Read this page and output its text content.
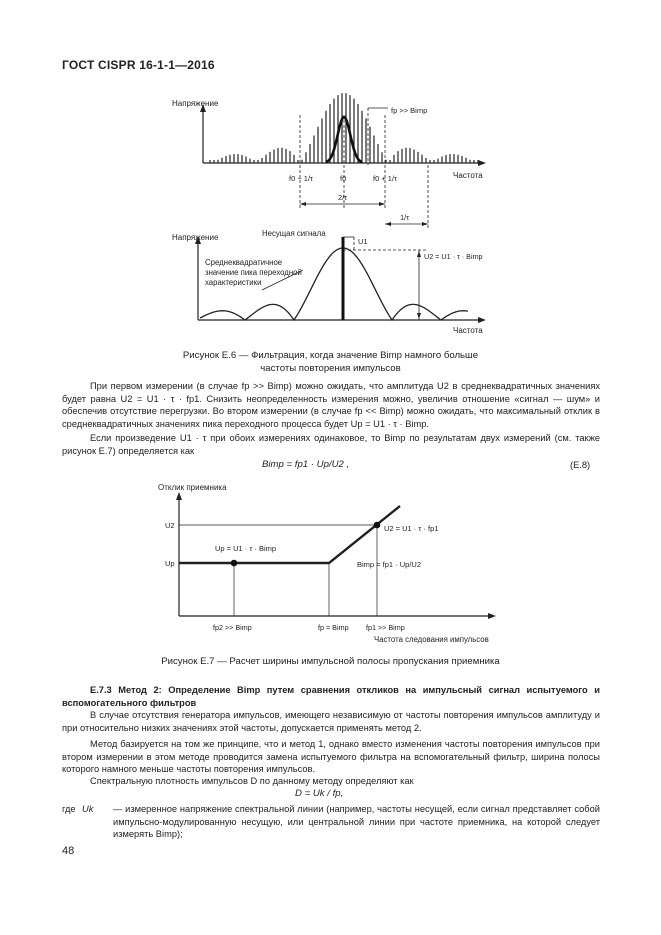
ГОСТ CISPR 16-1-1—2016
Напряжение
Частота
fp >> Bimp
f0 − 1/τ	f0	f0 + 1/τ
2/τ
1/τ
Несущая сигнала
U1
U2 = U1 · τ · Bimp
Напряжение
Частота
Среднеквадратичное
значение пика переходной
характеристики
Отклик приемника
U2
Up
Up = U1 · τ · Bimp
U2 = U1 · τ · fp1
Bimp = fp1 · Up/U2
fp2 >> Bimp	fp = Bimp fp1 >> Bimp
Частота следования импульсов
Рисунок Е.6 — Фильтрация, когда значение Bimp намного больше
частоты повторения импульсов
При первом измерении (в случае fp >> Bimp) можно ожидать, что амплитуда U2 в среднеквадратичных значениях будет равна U2 = U1 · τ · fp1. Снизить неопределенность измерения можно, увеличив отношение «сигнал — шум» и обеспечив отсутствие перегрузки. Во втором измерении (в случае fp << Bimp) можно ожидать, что максимальный отклик в среднеквадратичных значениях пика переходного процесса будет Up = U1 · τ · Bimp.
Если произведение U1 · τ при обоих измерениях одинаковое, то Bimp по результатам двух измерений (см. также рисунок Е.7) определяется как
Bimp = fp1 · Up/U2 ,	(Е.8)
Рисунок Е.7 — Расчет ширины импульсной полосы пропускания приемника
Е.7.3 Метод 2: Определение Bimp путем сравнения откликов на импульсный сигнал испытуемого и вспомогательного фильтров
В случае отсутствия генератора импульсов, имеющего независимую от частоты повторения импульсов амплитуду и при относительно низких значениях этой частоты, допускается применять метод 2.
Метод базируется на том же принципе, что и метод 1, однако вместо изменения частоты повторения импульсов при втором измерении в этом методе проводится замена испытуемого фильтра на вспомогательный фильтр, ширина полосы которого намного меньше частоты повторения импульсов.
Спектральную плотность импульсов D по данному методу определяют как
D = Uk / fp,
где Uk	— измеренное напряжение спектральной линии (например, частоты несущей, если сигнал представляет собой импульсно-модулированную несущую, или центральной линии при частоте приемника, на которой следует измерять Bimp);
48
